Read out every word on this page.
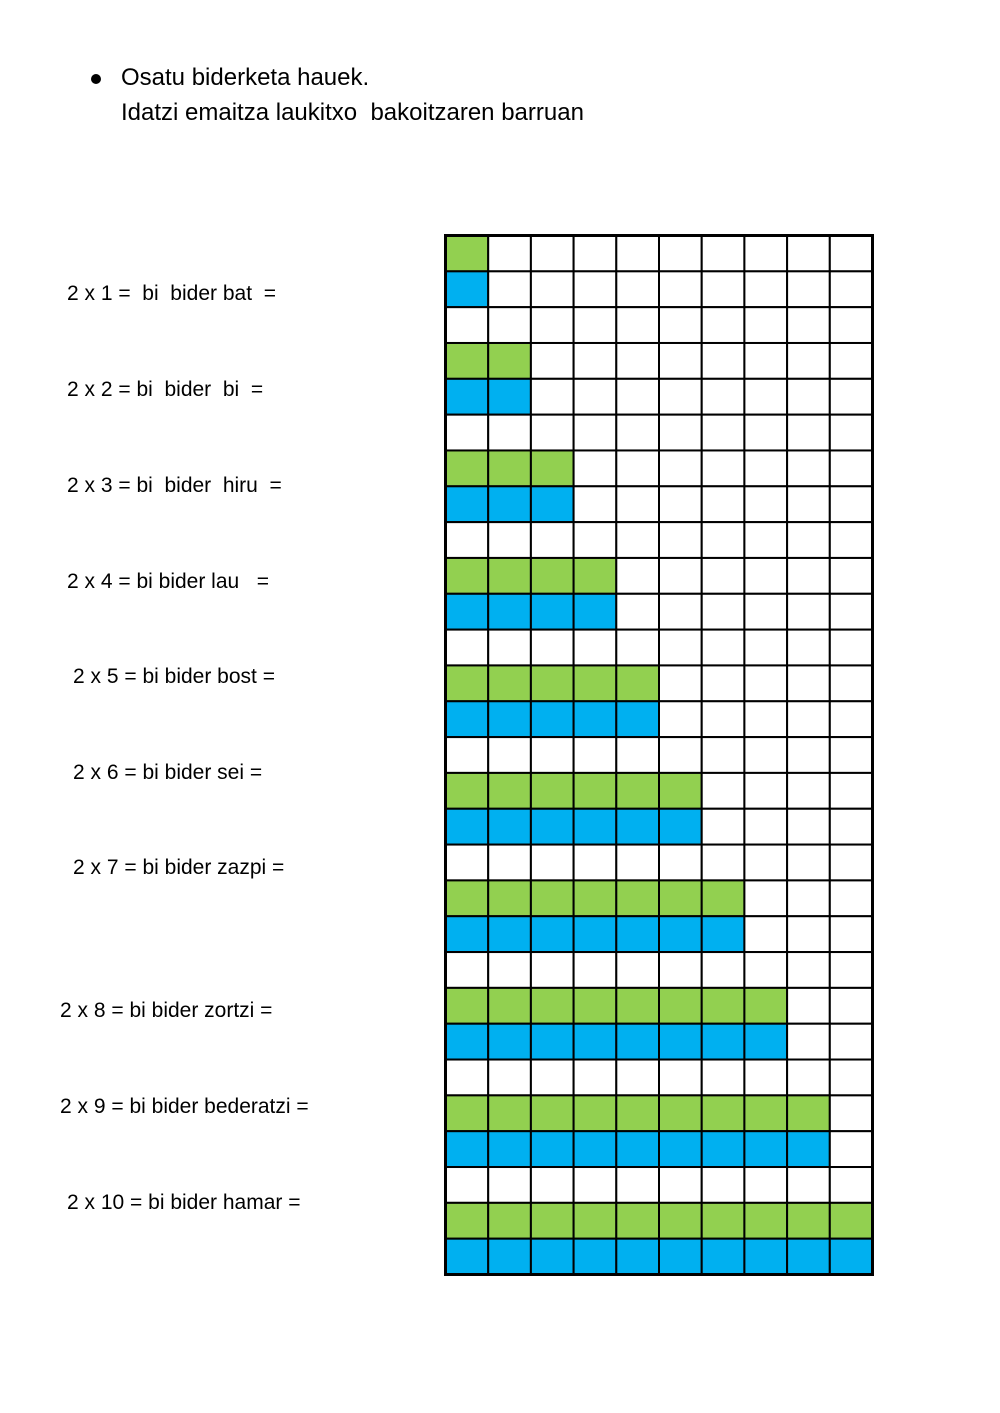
Osatu biderketa hauek.
Idatzi emaitza laukitxo  bakoitzaren barruan
2 x 1 =  bi  bider bat  =
2 x 2 = bi  bider  bi  =
2 x 3 = bi  bider  hiru  =
2 x 4 = bi bider lau   =
2 x 5 = bi bider bost =
2 x 6 = bi bider sei =
2 x 7 = bi bider zazpi =
2 x 8 = bi bider zortzi =
2 x 9 = bi bider bederatzi =
2 x 10 = bi bider hamar =
